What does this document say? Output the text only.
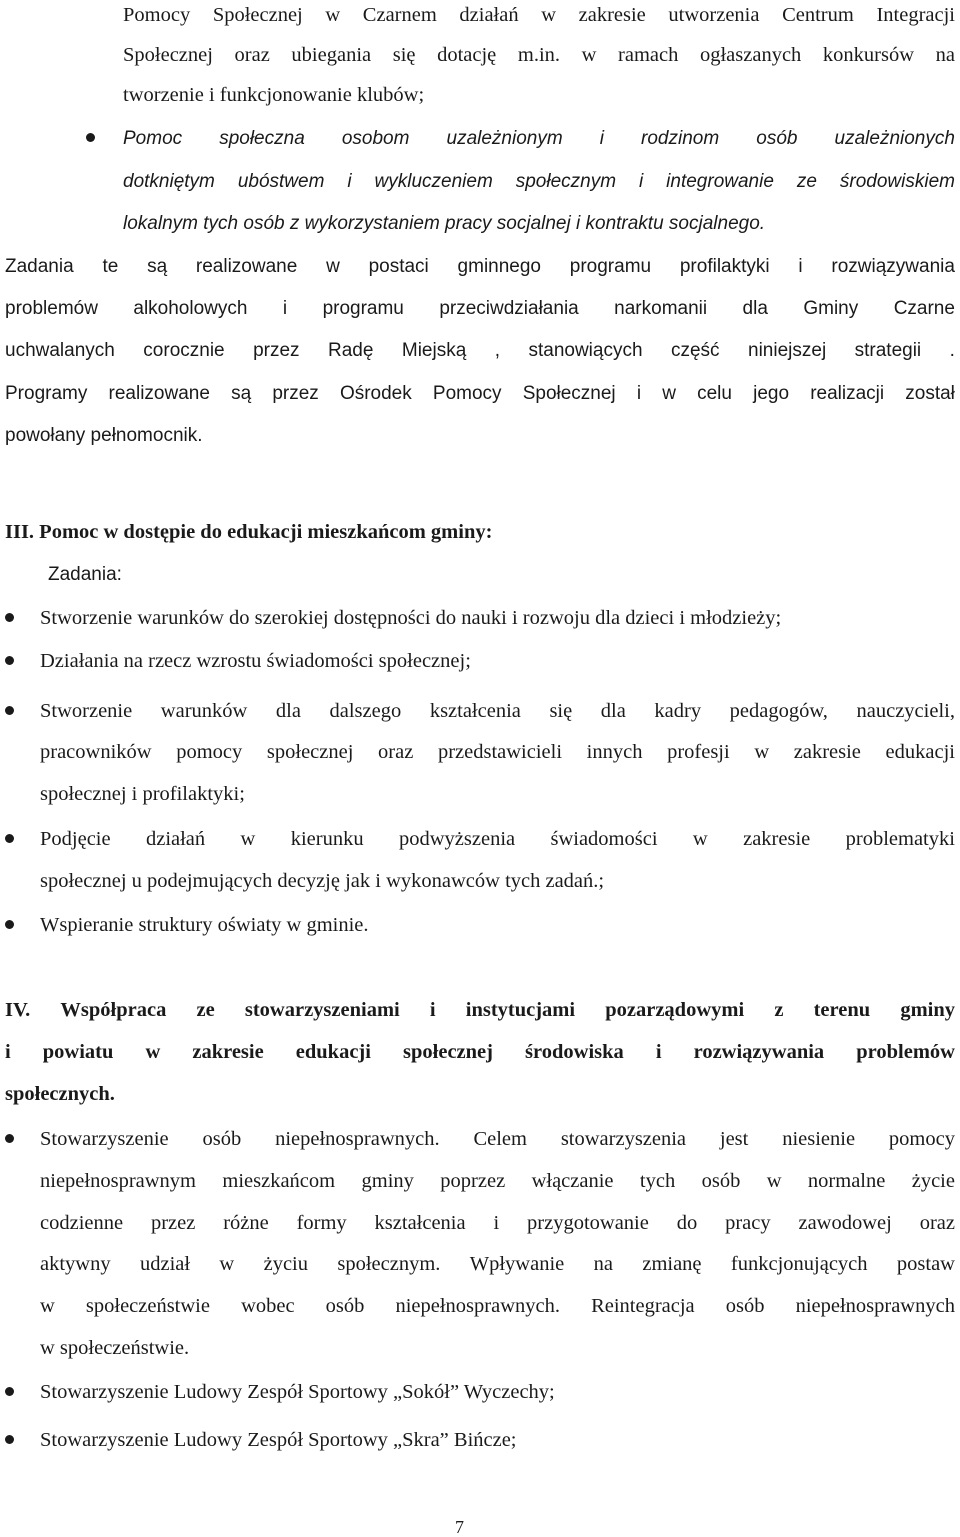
Pomocy Społecznej w Czarnem działań w zakresie utworzenia Centrum Integracji
Społecznej oraz ubiegania się dotację m.in. w ramach ogłaszanych konkursów na
tworzenie i funkcjonowanie klubów;
Pomoc społeczna osobom uzależnionym i rodzinom osób uzależnionych
dotkniętym ubóstwem i wykluczeniem społecznym i integrowanie ze środowiskiem
lokalnym tych osób z wykorzystaniem pracy socjalnej i kontraktu socjalnego.
Zadania te są realizowane w postaci gminnego programu profilaktyki i rozwiązywania
problemów alkoholowych i programu przeciwdziałania narkomanii dla Gminy Czarne
uchwalanych corocznie przez Radę Miejską , stanowiących część niniejszej strategii .
Programy realizowane są przez Ośrodek Pomocy Społecznej i w celu jego realizacji został
powołany pełnomocnik.
III. Pomoc w dostępie do edukacji mieszkańcom gminy:
Zadania:
Stworzenie warunków do szerokiej dostępności do nauki i rozwoju dla dzieci i młodzieży;
Działania na rzecz wzrostu świadomości społecznej;
Stworzenie warunków dla dalszego kształcenia się dla kadry pedagogów, nauczycieli,
pracowników pomocy społecznej oraz przedstawicieli innych profesji w zakresie edukacji
społecznej i profilaktyki;
Podjęcie działań w kierunku podwyższenia świadomości w zakresie problematyki
społecznej u podejmujących decyzję jak i wykonawców tych zadań.;
Wspieranie struktury oświaty w gminie.
IV. Współpraca ze stowarzyszeniami i instytucjami pozarządowymi z terenu gminy
i powiatu w zakresie edukacji społecznej środowiska i rozwiązywania problemów
społecznych.
Stowarzyszenie osób niepełnosprawnych. Celem stowarzyszenia jest niesienie pomocy
niepełnosprawnym mieszkańcom gminy poprzez włączanie tych osób w normalne życie
codzienne przez różne formy kształcenia i przygotowanie do pracy zawodowej oraz
aktywny udział w życiu społecznym. Wpływanie na zmianę funkcjonujących postaw
w społeczeństwie wobec osób niepełnosprawnych. Reintegracja osób niepełnosprawnych
w społeczeństwie.
Stowarzyszenie Ludowy Zespół Sportowy „Sokół” Wyczechy;
Stowarzyszenie Ludowy Zespół Sportowy „Skra” Bińcze;
7
